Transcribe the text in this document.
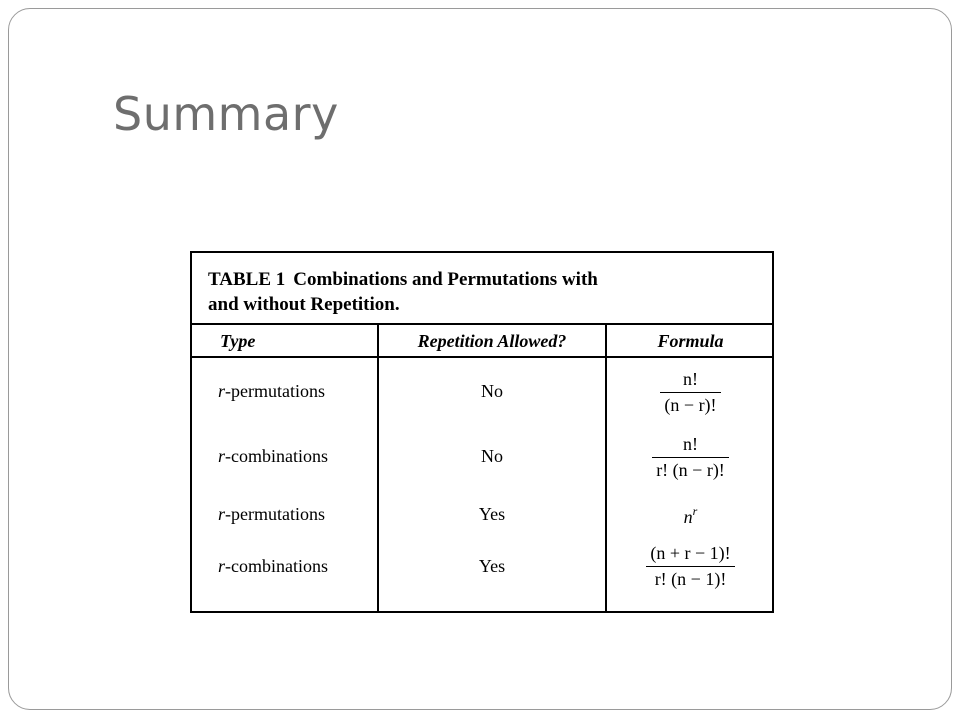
Summary
TABLE 1 Combinations and Permutations with
and without Repetition.
Type	Repetition Allowed?	Formula
r-permutations	No	$\frac{n!}{(n - r)!}$
r-combinations	No	$\frac{n!}{r! (n - r)!}$
r-permutations	Yes	$n^r$
r-combinations	Yes	$\frac{(n + r - 1)!}{r! (n - 1)!}$
